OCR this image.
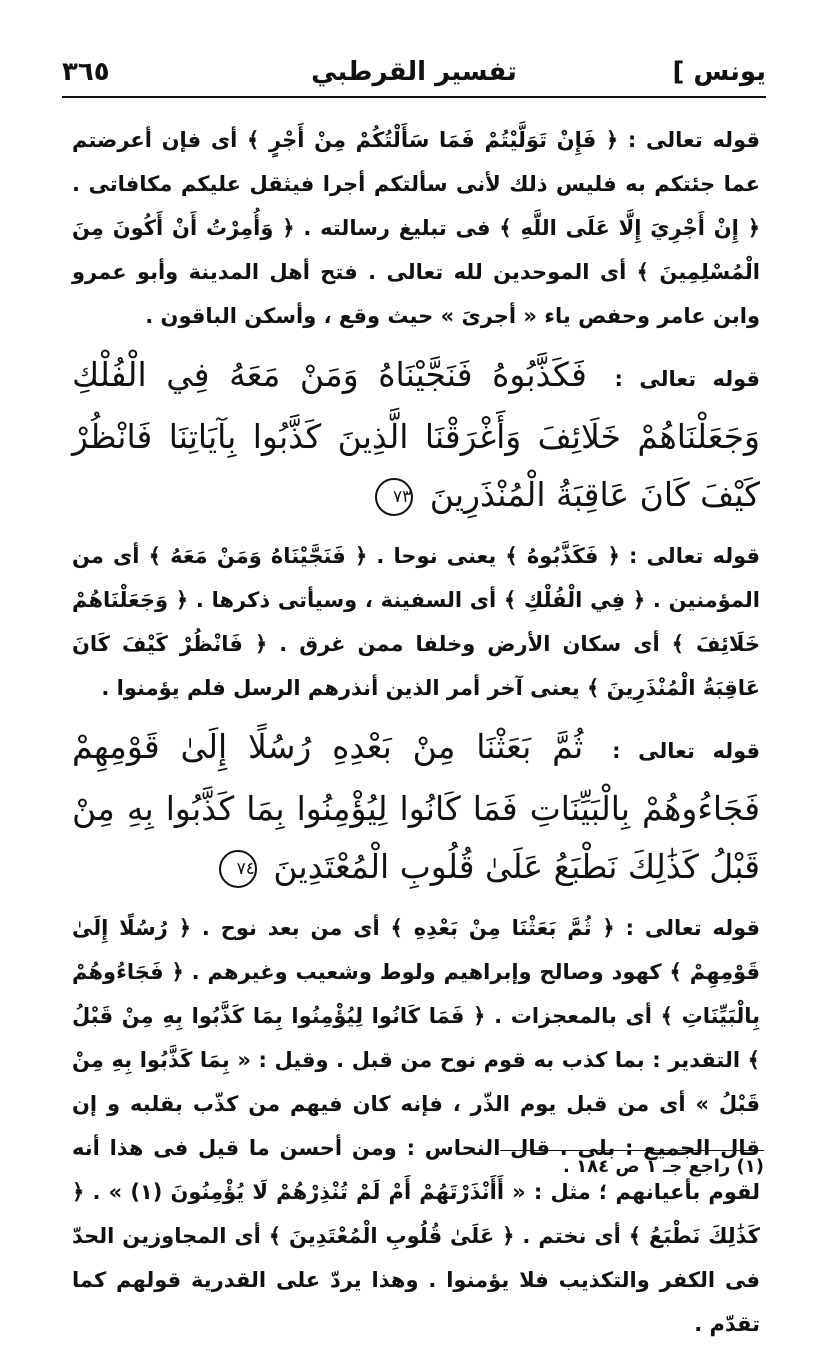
يونس ]
تفسير القرطبي
٣٦٥

قوله تعالى : ﴿ فَإِنْ تَوَلَّيْتُمْ فَمَا سَأَلْتُكُمْ مِنْ أَجْرٍ ﴾ أى فإن أعرضتم عما جئتكم به فليس ذلك لأنى سألتكم أجرا فيثقل عليكم مكافاتى . ﴿ إِنْ أَجْرِيَ إِلَّا عَلَى اللَّهِ ﴾ فى تبليغ رسالته . ﴿ وَأُمِرْتُ أَنْ أَكُونَ مِنَ الْمُسْلِمِينَ ﴾ أى الموحدين لله تعالى . فتح أهل المدينة وأبو عمرو وابن عامر وحفص ياء « أجرىَ » حيث وقع ، وأسكن الباقون .

قوله تعالى : فَكَذَّبُوهُ فَنَجَّيْنَاهُ وَمَنْ مَعَهُ فِي الْفُلْكِ وَجَعَلْنَاهُمْ خَلَائِفَ وَأَغْرَقْنَا الَّذِينَ كَذَّبُوا بِآيَاتِنَا فَانْظُرْ كَيْفَ كَانَ عَاقِبَةُ الْمُنْذَرِينَ ٧٣

قوله تعالى : ﴿ فَكَذَّبُوهُ ﴾ يعنى نوحا . ﴿ فَنَجَّيْنَاهُ وَمَنْ مَعَهُ ﴾ أى من المؤمنين . ﴿ فِي الْفُلْكِ ﴾ أى السفينة ، وسيأتى ذكرها . ﴿ وَجَعَلْنَاهُمْ خَلَائِفَ ﴾ أى سكان الأرض وخلفا ممن غرق . ﴿ فَانْظُرْ كَيْفَ كَانَ عَاقِبَةُ الْمُنْذَرِينَ ﴾ يعنى آخر أمر الذين أنذرهم الرسل فلم يؤمنوا .

قوله تعالى : ثُمَّ بَعَثْنَا مِنْ بَعْدِهِ رُسُلًا إِلَىٰ قَوْمِهِمْ فَجَاءُوهُمْ بِالْبَيِّنَاتِ فَمَا كَانُوا لِيُؤْمِنُوا بِمَا كَذَّبُوا بِهِ مِنْ قَبْلُ كَذَٰلِكَ نَطْبَعُ عَلَىٰ قُلُوبِ الْمُعْتَدِينَ ٧٤

قوله تعالى : ﴿ ثُمَّ بَعَثْنَا مِنْ بَعْدِهِ ﴾ أى من بعد نوح . ﴿ رُسُلًا إِلَىٰ قَوْمِهِمْ ﴾ كهود وصالح وإبراهيم ولوط وشعيب وغيرهم . ﴿ فَجَاءُوهُمْ بِالْبَيِّنَاتِ ﴾ أى بالمعجزات . ﴿ فَمَا كَانُوا لِيُؤْمِنُوا بِمَا كَذَّبُوا بِهِ مِنْ قَبْلُ ﴾ التقدير : بما كذب به قوم نوح من قبل . وقيل : « بِمَا كَذَّبُوا بِهِ مِنْ قَبْلُ » أى من قبل يوم الذّر ، فإنه كان فيهم من كذّب بقلبه و إن قال الجميع : بلى . قال النحاس : ومن أحسن ما قيل فى هذا أنه لقوم بأعيانهم ؛ مثل : « أَأَنْذَرْتَهُمْ أَمْ لَمْ تُنْذِرْهُمْ لَا يُؤْمِنُونَ (١) » . ﴿ كَذَٰلِكَ نَطْبَعُ ﴾ أى نختم . ﴿ عَلَىٰ قُلُوبِ الْمُعْتَدِينَ ﴾ أى المجاوزين الحدّ فى الكفر والتكذيب فلا يؤمنوا . وهذا يردّ على القدرية قولهم كما تقدّم .

(١) راجع جـ ١ ص ١٨٤ .
